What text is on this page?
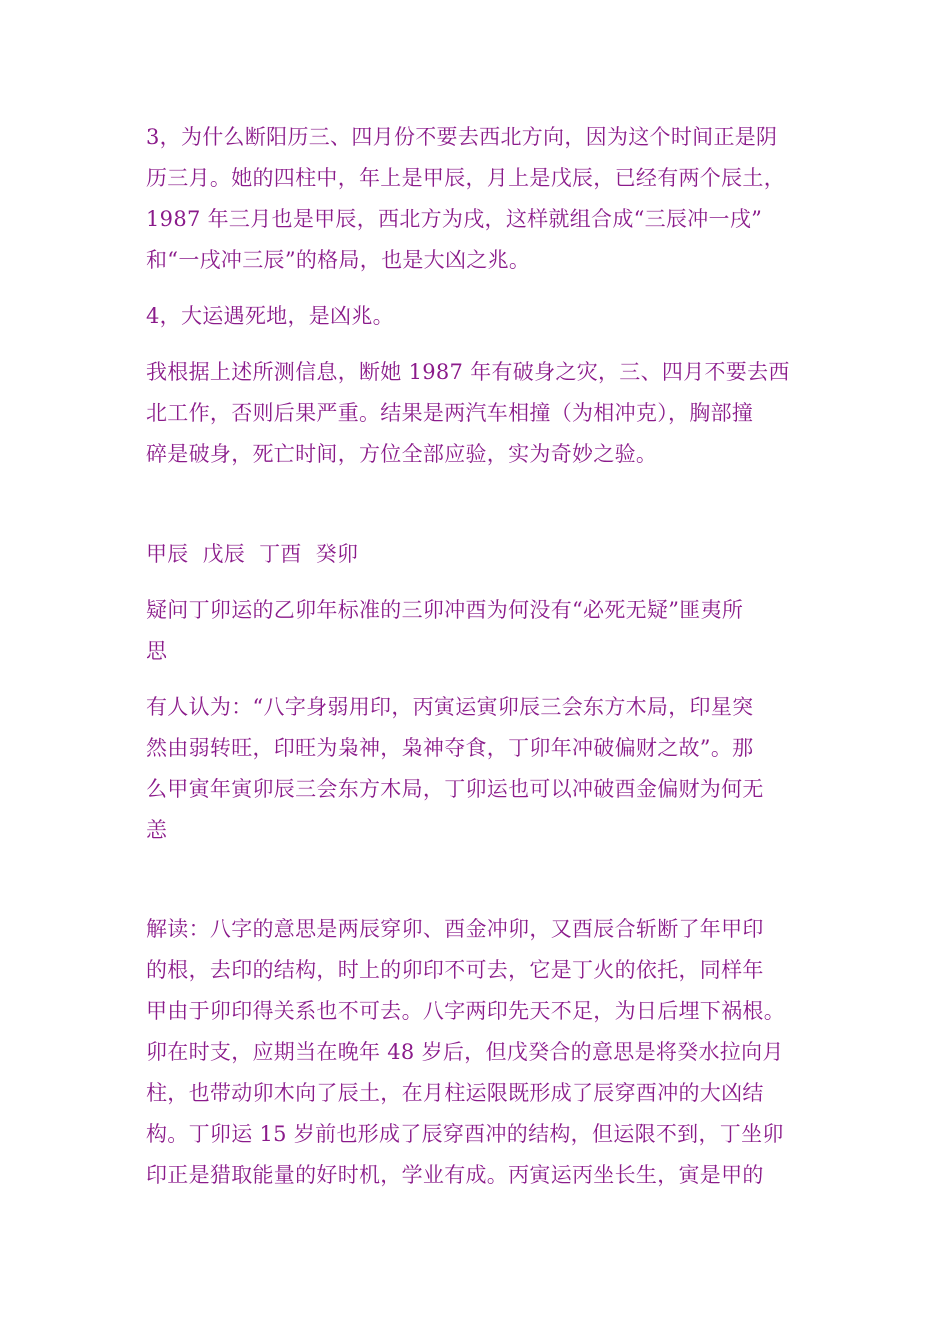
3，为什么断阳历三、四月份不要去西北方向，因为这个时间正是阴
历三月。她的四柱中，年上是甲辰，月上是戊辰，已经有两个辰土，
1987 年三月也是甲辰，西北方为戌，这样就组合成“三辰冲一戌”
和“一戌冲三辰”的格局，也是大凶之兆。
4，大运遇死地，是凶兆。
我根据上述所测信息，断她 1987 年有破身之灾，三、四月不要去西
北工作，否则后果严重。结果是两汽车相撞（为相冲克），胸部撞
碎是破身，死亡时间，方位全部应验，实为奇妙之验。
甲辰  戊辰  丁酉  癸卯
疑问丁卯运的乙卯年标准的三卯冲酉为何没有“必死无疑”匪夷所
思
有人认为：“八字身弱用印，丙寅运寅卯辰三会东方木局，印星突
然由弱转旺，印旺为枭神，枭神夺食，丁卯年冲破偏财之故”。那
么甲寅年寅卯辰三会东方木局，丁卯运也可以冲破酉金偏财为何无
恙
解读：八字的意思是两辰穿卯、酉金冲卯，又酉辰合斩断了年甲印
的根，去印的结构，时上的卯印不可去，它是丁火的依托，同样年
甲由于卯印得关系也不可去。八字两印先天不足，为日后埋下祸根。
卯在时支，应期当在晚年 48 岁后，但戊癸合的意思是将癸水拉向月
柱，也带动卯木向了辰土，在月柱运限既形成了辰穿酉冲的大凶结
构。丁卯运 15 岁前也形成了辰穿酉冲的结构，但运限不到，丁坐卯
印正是猎取能量的好时机，学业有成。丙寅运丙坐长生，寅是甲的
